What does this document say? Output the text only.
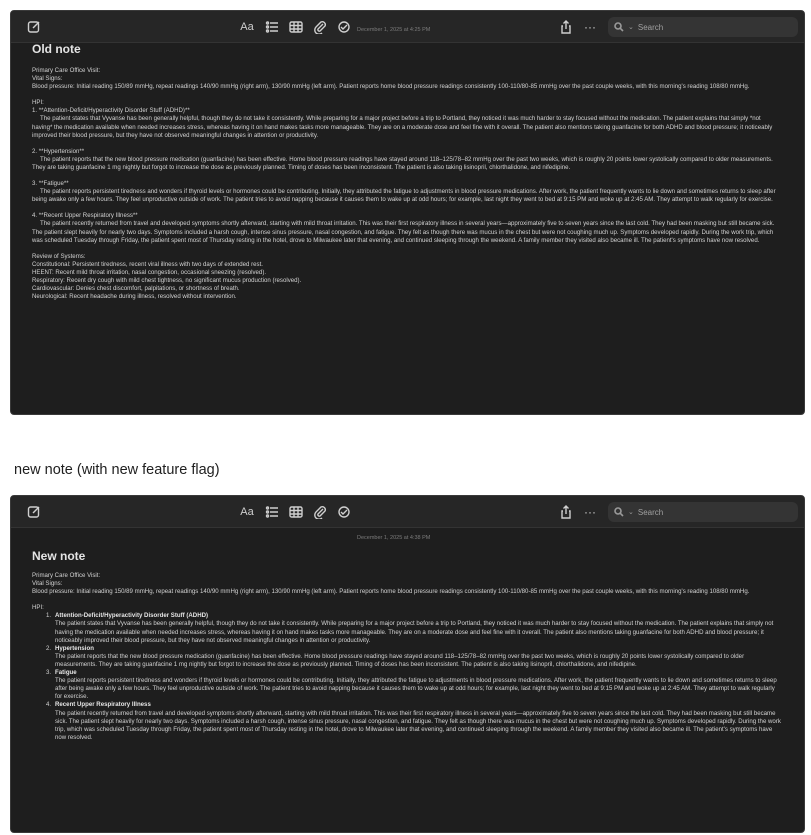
Aa	December 1, 2025 at 4:25 PM	···	⌄
Search
Old note

Primary Care Office Visit:

Vital Signs:

Blood pressure: Initial reading 150/89 mmHg, repeat readings 140/90 mmHg (right arm), 130/90 mmHg (left arm). Patient reports home blood pressure readings consistently 100-110/80-85 mmHg over the past couple weeks, with this morning's reading 108/80 mmHg.

HPI:

1. **Attention-Deficit/Hyperactivity Disorder Stuff (ADHD)**

The patient states that Vyvanse has been generally helpful, though they do not take it consistently. While preparing for a major project before a trip to Portland, they noticed it was much harder to stay focused without the medication. The patient explains that simply *not having* the medication available when needed increases stress, whereas having it on hand makes tasks more manageable. They are on a moderate dose and feel fine with it overall. The patient also mentions taking guanfacine for both ADHD and blood pressure; it noticeably improved their blood pressure, but they have not observed meaningful changes in attention or productivity.

2. **Hypertension**

The patient reports that the new blood pressure medication (guanfacine) has been effective. Home blood pressure readings have stayed around 118–125/78–82 mmHg over the past two weeks, which is roughly 20 points lower systolically compared to older measurements. They are taking guanfacine 1 mg nightly but forgot to increase the dose as previously planned. Timing of doses has been inconsistent. The patient is also taking lisinopril, chlorthalidone, and nifedipine.

3. **Fatigue**

The patient reports persistent tiredness and wonders if thyroid levels or hormones could be contributing. Initially, they attributed the fatigue to adjustments in blood pressure medications. After work, the patient frequently wants to lie down and sometimes returns to sleep after being awake only a few hours. They feel unproductive outside of work. The patient tries to avoid napping because it causes them to wake up at odd hours; for example, last night they went to bed at 9:15 PM and woke up at 2:45 AM. They attempt to walk regularly for exercise.

4. **Recent Upper Respiratory Illness**

The patient recently returned from travel and developed symptoms shortly afterward, starting with mild throat irritation. This was their first respiratory illness in several years—approximately five to seven years since the last cold. They had been masking but still became sick. The patient slept heavily for nearly two days. Symptoms included a harsh cough, intense sinus pressure, nasal congestion, and fatigue. They felt as though there was mucus in the chest but were not coughing much up. Symptoms developed rapidly. During the work trip, which was scheduled Tuesday through Friday, the patient spent most of Thursday resting in the hotel, drove to Milwaukee later that evening, and continued sleeping through the weekend. A family member they visited also became ill. The patient's symptoms have now resolved.

Review of Systems:

Constitutional: Persistent tiredness, recent viral illness with two days of extended rest.

HEENT: Recent mild throat irritation, nasal congestion, occasional sneezing (resolved).

Respiratory: Recent dry cough with mild chest tightness, no significant mucus production (resolved).

Cardiovascular: Denies chest discomfort, palpitations, or shortness of breath.

Neurological: Recent headache during illness, resolved without intervention.

new note (with new feature flag)
Aa	···	⌄
Search
December 1, 2025 at 4:38 PM
New note

Primary Care Office Visit:

Vital Signs:

Blood pressure: Initial reading 150/89 mmHg, repeat readings 140/90 mmHg (right arm), 130/90 mmHg (left arm). Patient reports home blood pressure readings consistently 100-110/80-85 mmHg over the past couple weeks, with this morning's reading 108/80 mmHg.

HPI:

1. Attention-Deficit/Hyperactivity Disorder Stuff (ADHD)
The patient states that Vyvanse has been generally helpful, though they do not take it consistently. While preparing for a major project before a trip to Portland, they noticed it was much harder to stay focused without the medication. The patient explains that simply not having the medication available when needed increases stress, whereas having it on hand makes tasks more manageable. They are on a moderate dose and feel fine with it overall. The patient also mentions taking guanfacine for both ADHD and blood pressure; it noticeably improved their blood pressure, but they have not observed meaningful changes in attention or productivity.
2. Hypertension
The patient reports that the new blood pressure medication (guanfacine) has been effective. Home blood pressure readings have stayed around 118–125/78–82 mmHg over the past two weeks, which is roughly 20 points lower systolically compared to older measurements. They are taking guanfacine 1 mg nightly but forgot to increase the dose as previously planned. Timing of doses has been inconsistent. The patient is also taking lisinopril, chlorthalidone, and nifedipine.
3. Fatigue
The patient reports persistent tiredness and wonders if thyroid levels or hormones could be contributing. Initially, they attributed the fatigue to adjustments in blood pressure medications. After work, the patient frequently wants to lie down and sometimes returns to sleep after being awake only a few hours. They feel unproductive outside of work. The patient tries to avoid napping because it causes them to wake up at odd hours; for example, last night they went to bed at 9:15 PM and woke up at 2:45 AM. They attempt to walk regularly for exercise.
4. Recent Upper Respiratory Illness
The patient recently returned from travel and developed symptoms shortly afterward, starting with mild throat irritation. This was their first respiratory illness in several years—approximately five to seven years since the last cold. They had been masking but still became sick. The patient slept heavily for nearly two days. Symptoms included a harsh cough, intense sinus pressure, nasal congestion, and fatigue. They felt as though there was mucus in the chest but were not coughing much up. Symptoms developed rapidly. During the work trip, which was scheduled Tuesday through Friday, the patient spent most of Thursday resting in the hotel, drove to Milwaukee later that evening, and continued sleeping through the weekend. A family member they visited also became ill. The patient's symptoms have now resolved.
